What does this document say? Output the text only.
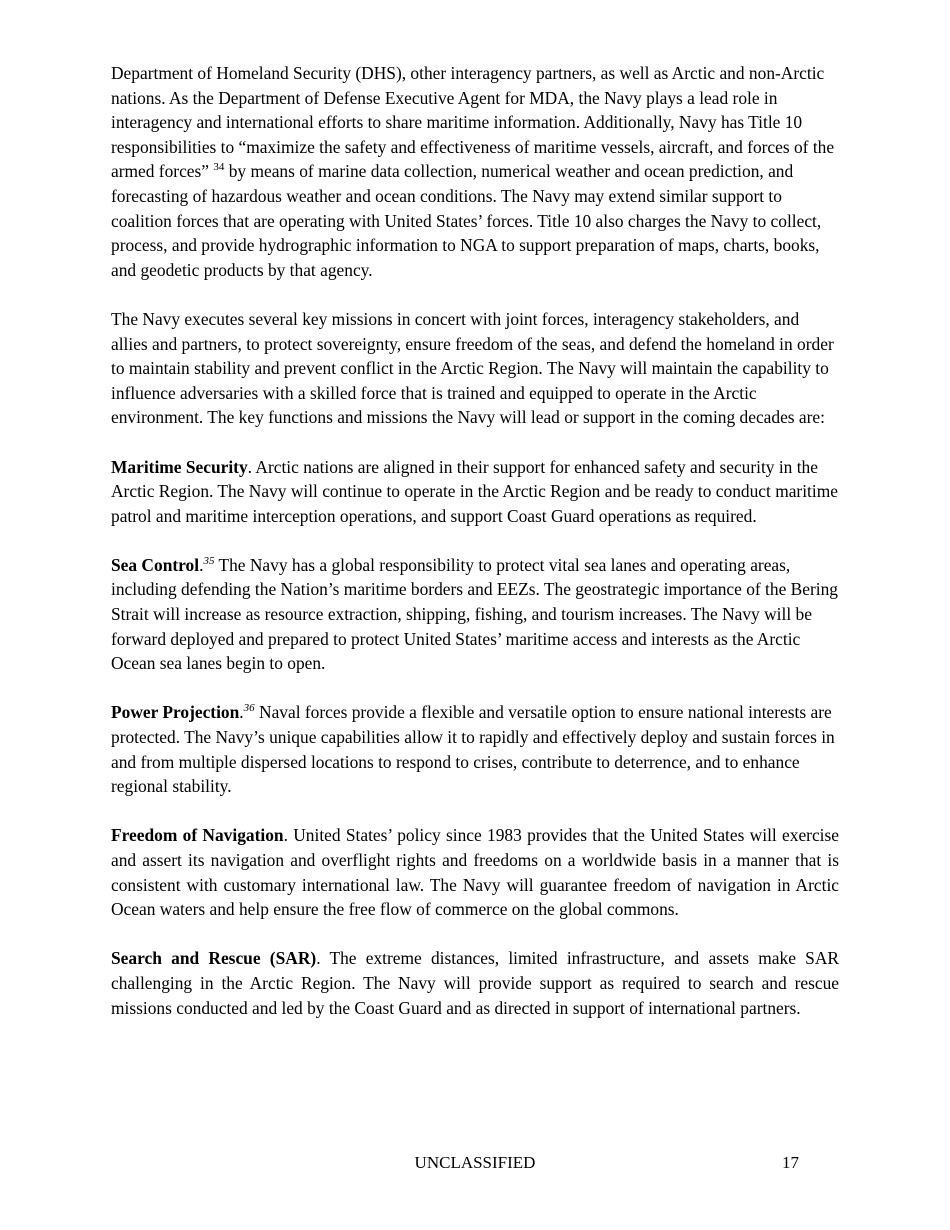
Department of Homeland Security (DHS), other interagency partners, as well as Arctic and non-Arctic nations. As the Department of Defense Executive Agent for MDA, the Navy plays a lead role in interagency and international efforts to share maritime information. Additionally, Navy has Title 10 responsibilities to “maximize the safety and effectiveness of maritime vessels, aircraft, and forces of the armed forces” $^{34}$ by means of marine data collection, numerical weather and ocean prediction, and forecasting of hazardous weather and ocean conditions. The Navy may extend similar support to coalition forces that are operating with United States’ forces. Title 10 also charges the Navy to collect, process, and provide hydrographic information to NGA to support preparation of maps, charts, books, and geodetic products by that agency.

The Navy executes several key missions in concert with joint forces, interagency stakeholders, and allies and partners, to protect sovereignty, ensure freedom of the seas, and defend the homeland in order to maintain stability and prevent conflict in the Arctic Region. The Navy will maintain the capability to influence adversaries with a skilled force that is trained and equipped to operate in the Arctic environment. The key functions and missions the Navy will lead or support in the coming decades are:

Maritime Security. Arctic nations are aligned in their support for enhanced safety and security in the Arctic Region. The Navy will continue to operate in the Arctic Region and be ready to conduct maritime patrol and maritime interception operations, and support Coast Guard operations as required.

Sea Control.$^{35}$ The Navy has a global responsibility to protect vital sea lanes and operating areas, including defending the Nation’s maritime borders and EEZs. The geostrategic importance of the Bering Strait will increase as resource extraction, shipping, fishing, and tourism increases. The Navy will be forward deployed and prepared to protect United States’ maritime access and interests as the Arctic Ocean sea lanes begin to open.

Power Projection.$^{36}$ Naval forces provide a flexible and versatile option to ensure national interests are protected. The Navy’s unique capabilities allow it to rapidly and effectively deploy and sustain forces in and from multiple dispersed locations to respond to crises, contribute to deterrence, and to enhance regional stability.

Freedom of Navigation. United States’ policy since 1983 provides that the United States will exercise and assert its navigation and overflight rights and freedoms on a worldwide basis in a manner that is consistent with customary international law. The Navy will guarantee freedom of navigation in Arctic Ocean waters and help ensure the free flow of commerce on the global commons.

Search and Rescue (SAR). The extreme distances, limited infrastructure, and assets make SAR challenging in the Arctic Region. The Navy will provide support as required to search and rescue missions conducted and led by the Coast Guard and as directed in support of international partners.

UNCLASSIFIED	17
